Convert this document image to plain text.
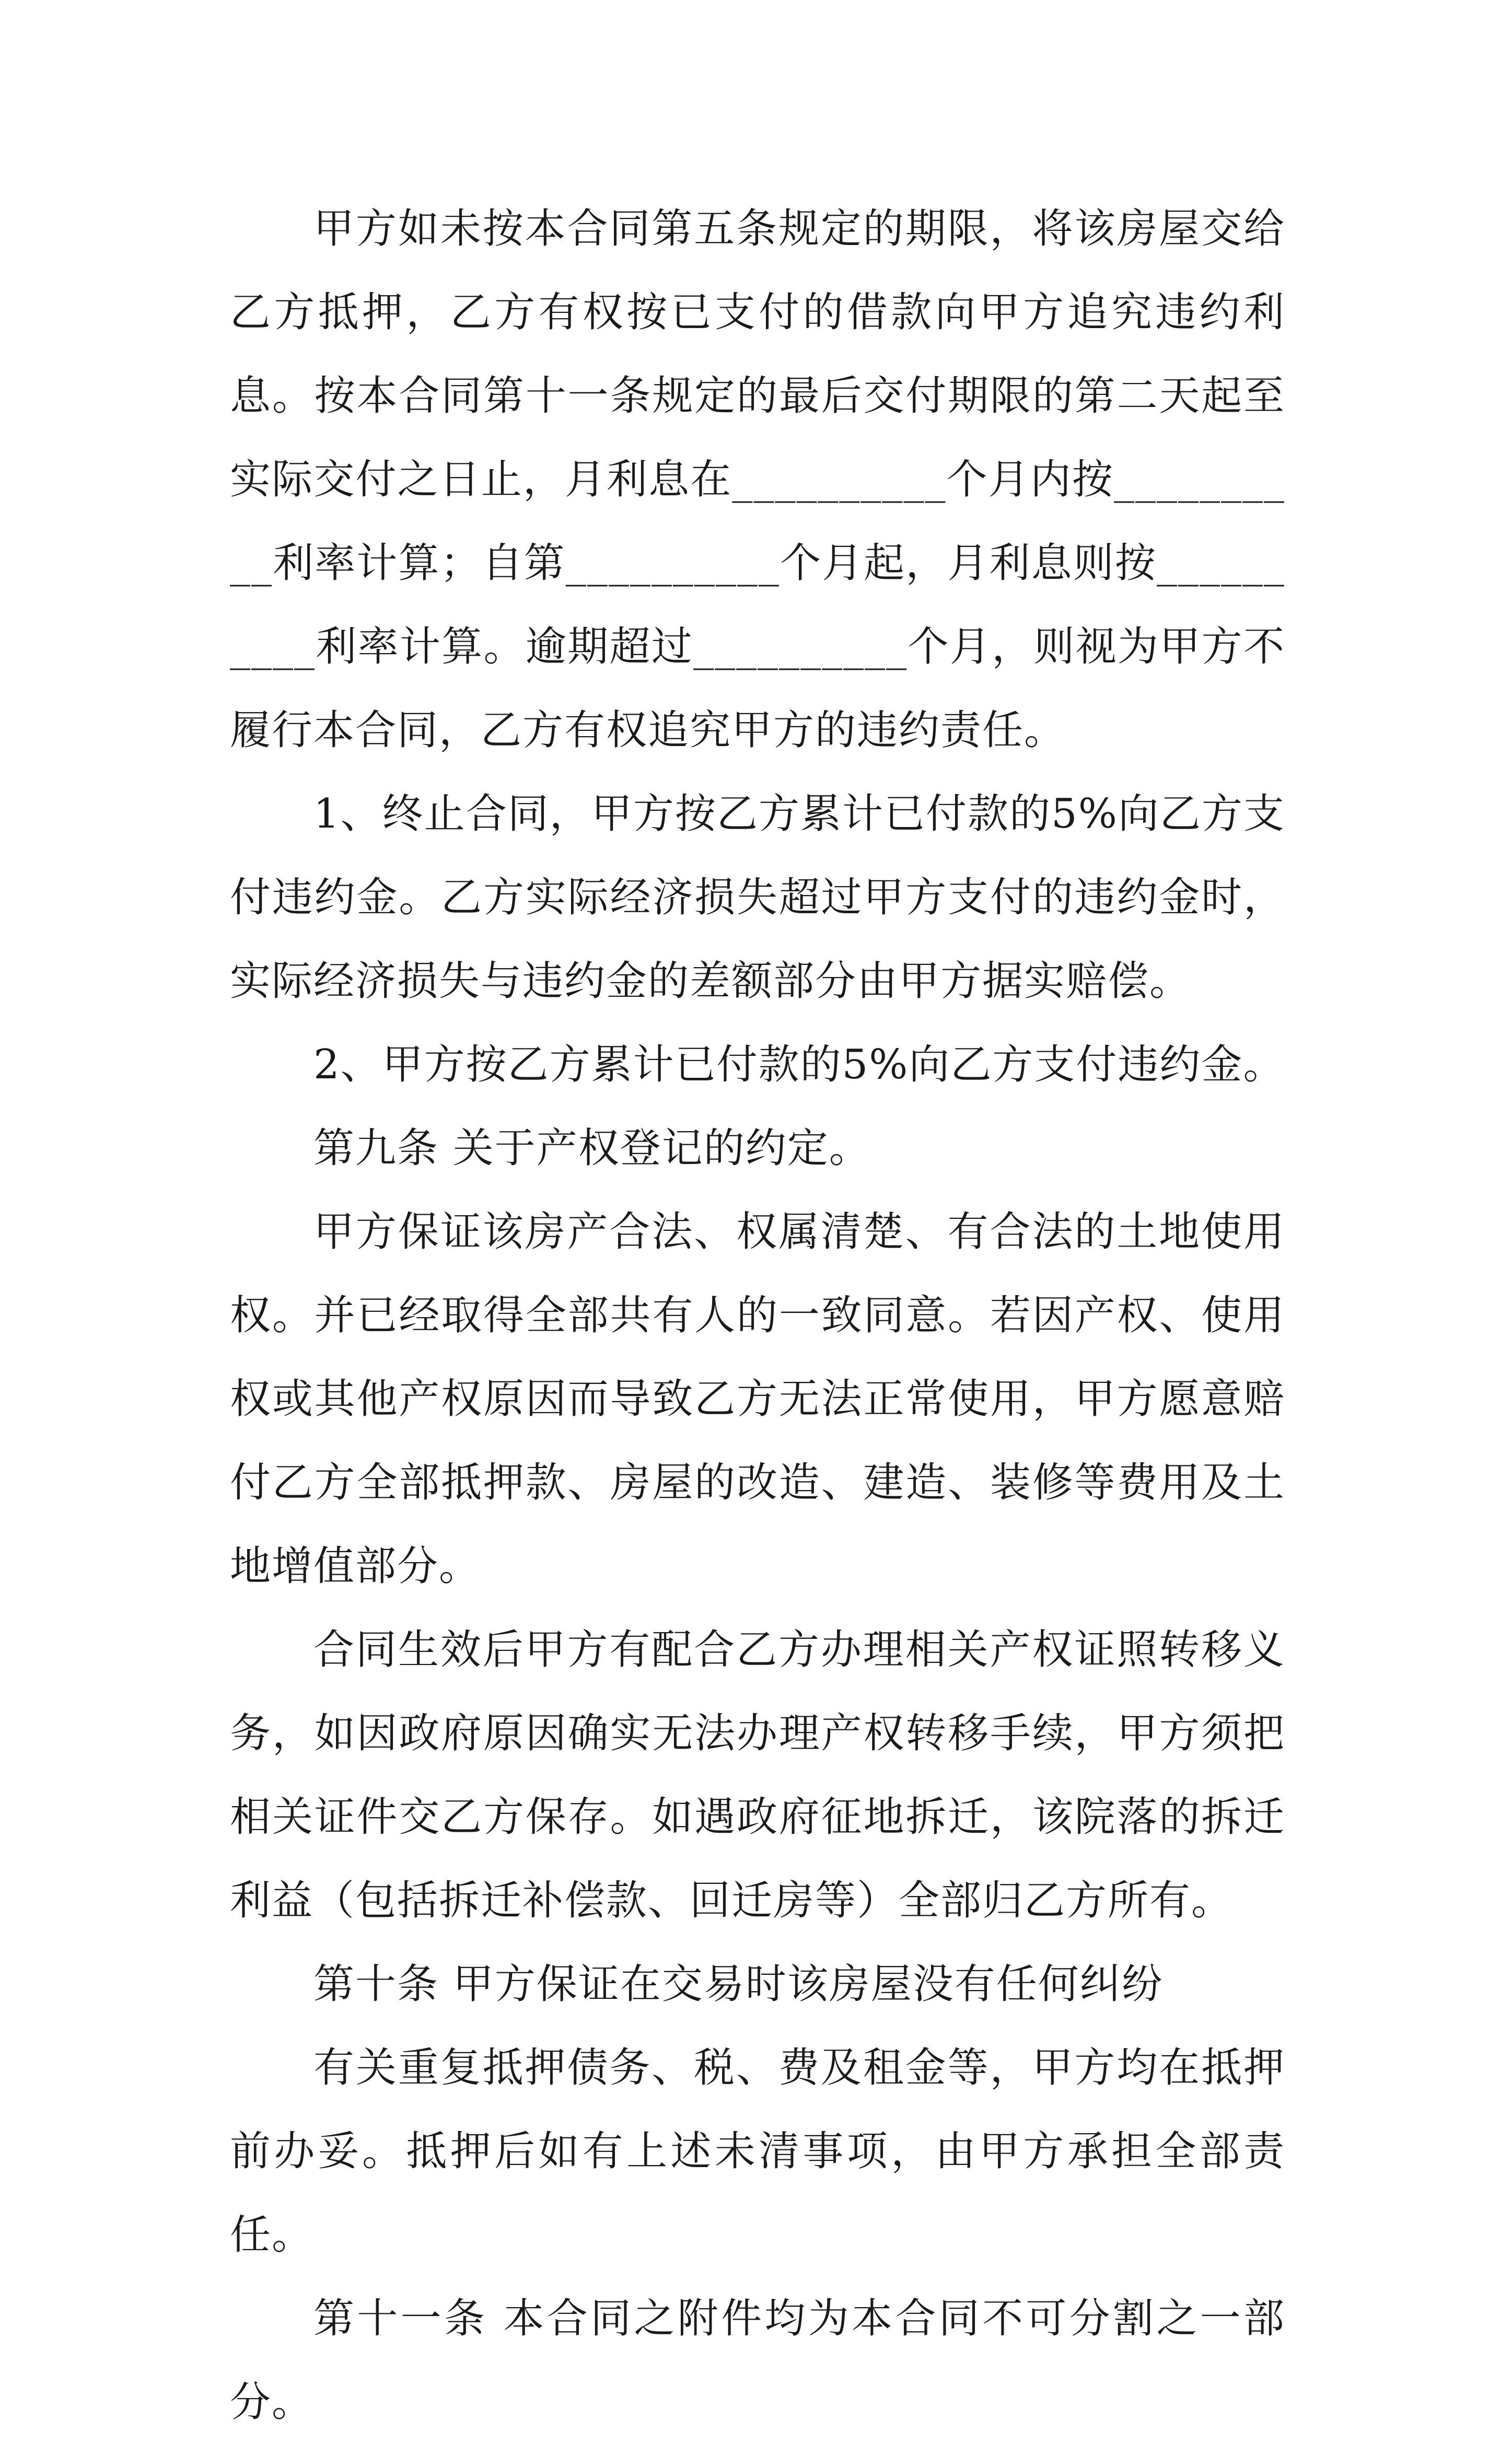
甲方如未按本合同第五条规定的期限，将该房屋交给乙方抵押，乙方有权按已支付的借款向甲方追究违约利息。按本合同第十一条规定的最后交付期限的第二天起至实际交付之日止，月利息在__________个月内按__________利率计算；自第__________个月起，月利息则按__________利率计算。逾期超过__________个月，则视为甲方不履行本合同，乙方有权追究甲方的违约责任。

1、终止合同，甲方按乙方累计已付款的5%向乙方支付违约金。乙方实际经济损失超过甲方支付的违约金时，实际经济损失与违约金的差额部分由甲方据实赔偿。

2、甲方按乙方累计已付款的5%向乙方支付违约金。

第九条 关于产权登记的约定。

甲方保证该房产合法、权属清楚、有合法的土地使用权。并已经取得全部共有人的一致同意。若因产权、使用权或其他产权原因而导致乙方无法正常使用，甲方愿意赔付乙方全部抵押款、房屋的改造、建造、装修等费用及土地增值部分。

合同生效后甲方有配合乙方办理相关产权证照转移义务，如因政府原因确实无法办理产权转移手续，甲方须把相关证件交乙方保存。如遇政府征地拆迁，该院落的拆迁利益（包括拆迁补偿款、回迁房等）全部归乙方所有。

第十条 甲方保证在交易时该房屋没有任何纠纷

有关重复抵押债务、税、费及租金等，甲方均在抵押前办妥。抵押后如有上述未清事项，由甲方承担全部责任。

第十一条 本合同之附件均为本合同不可分割之一部分。
